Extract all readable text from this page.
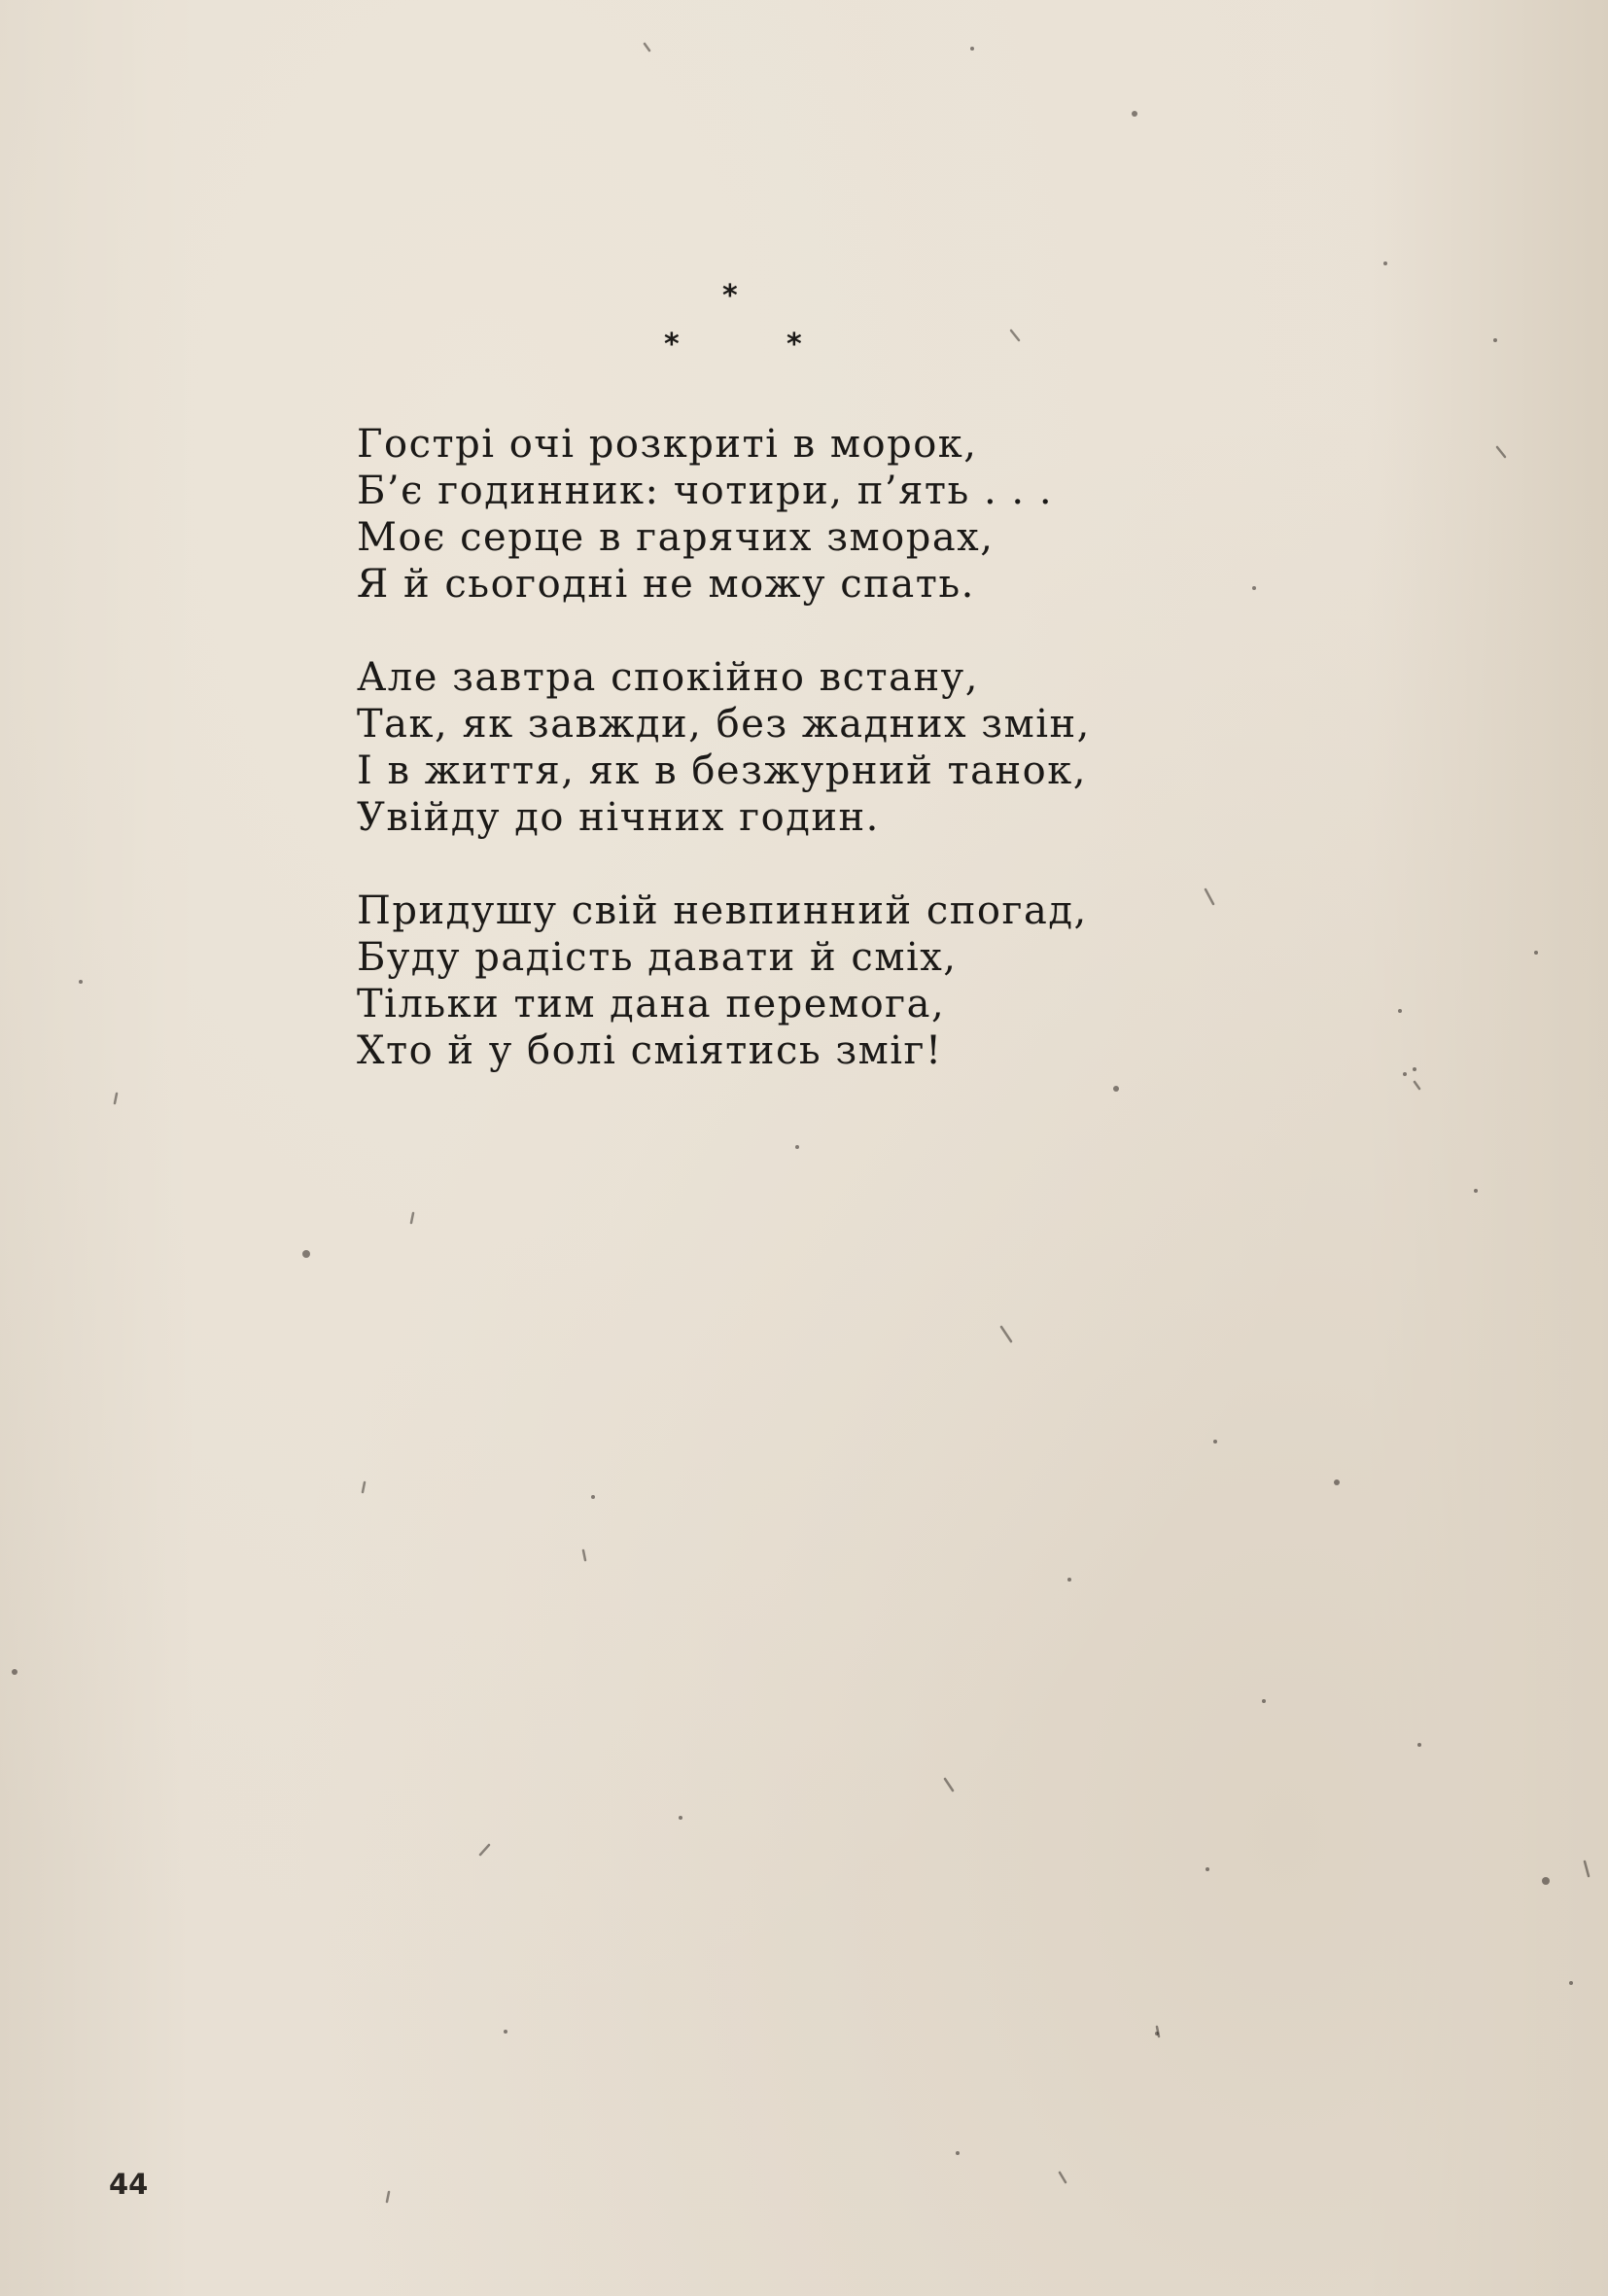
*
*	*
Гострі очі розкриті в морок,
Б’є годинник: чотири, п’ять . . .
Моє серце в гарячих зморах,
Я й сьогодні не можу спать.
Але завтра спокійно встану,
Так, як завжди, без жадних змін,
І в життя, як в безжурний танок,
Увійду до нічних годин.
Придушу свій невпинний спогад,
Буду радість давати й сміх,
Тільки тим дана перемога,
Хто й у болі сміятись зміг!
44
